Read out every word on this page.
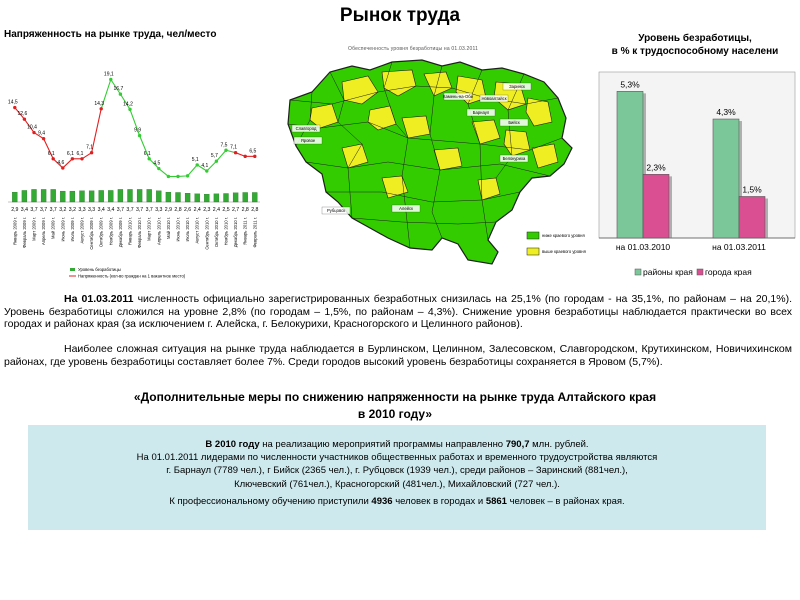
Рынок труда
Напряженность на рынке труда, чел/место
Обеспеченность уровня безработицы на 01.03.2011
Уровень безработицы,
в % к трудоспособному населени
2,9
Январь 2009 г.
3,4
Февраль 2009 г.
3,7
Март 2009 г.
3,7
Апрель 2009 г.
3,7
Май 2009 г.
3,2
Июнь 2009 г.
3,2
Июль 2009 г.
3,3
Август 2009 г.
3,3
Сентябрь 2009 г.
3,4
Октябрь 2009 г.
3,4
Ноябрь 2009 г.
3,7
Декабрь 2009 г.
3,7
Январь 2010 г.
3,7
Февраль 2010 г.
3,7
Март 2010 г.
3,3
Апрель 2010 г.
2,9
Май 2010 г.
2,8
Июнь 2010 г.
2,6
Июль 2010 г.
2,4
Август 2010 г.
2,3
Сентябрь 2010 г.
2,4
Октябрь 2010 г.
2,5
Ноябрь 2010 г.
2,7
Декабрь 2010 г.
2,8
Январь 2011 г.
2,8
Февраль 2011 г.
14,5
12,6
10,4
9,4
6,1
4,6
6,1 6,1
7,1
14,3
19,1
16,7
14,2
9,9
6,1
4,5
5,1
4,1
5,7
7,5 7,1
6,5
Уровень безработицы
Напряженность (кол-во граждан на 1 вакантное место)
Славгород
Яровое
Рубцовск
Бийск
Барнаул
Новоалтайск
Заринск
Белокуриха
Камень-на-Оби
Алейск
ниже краевого уровня
выше краевого уровня
5,3%
2,3%
на 01.03.2010
4,3%
1,5%
на 01.03.2011
районы края города края
На 01.03.2011 численность официально зарегистрированных безработных снизилась на 25,1% (по городам - на 35,1%, по районам – на 20,1%). Уровень безработицы сложился на уровне 2,8% (по городам – 1,5%, по районам – 4,3%). Снижение уровня безработицы наблюдается практически во всех городах и районах края (за исключением г. Алейска, г. Белокурихи, Красногорского и Целинного районов).
Наиболее сложная ситуация на рынке труда наблюдается в Бурлинском, Целинном, Залесовском, Славгородском, Крутихинском, Новичихинском районах, где уровень безработицы составляет более 7%. Среди городов высокий уровень безработицы сохраняется в Яровом (5,7%).
«Дополнительные меры по снижению напряженности на рынке труда Алтайского края
в 2010 году»
В 2010 году на реализацию мероприятий программы направленно 790,7 млн. рублей.
На 01.01.2011 лидерами по численности участников общественных работах и временного трудоустройства являются
г. Барнаул (7789 чел.), г Бийск (2365 чел.), г. Рубцовск (1939 чел.), среди районов – Заринский (881чел.),
Ключевский (761чел.), Красногорский (481чел.), Михайловский (727 чел.).
К профессиональному обучению приступили 4936 человек в городах и 5861 человек – в районах края.
